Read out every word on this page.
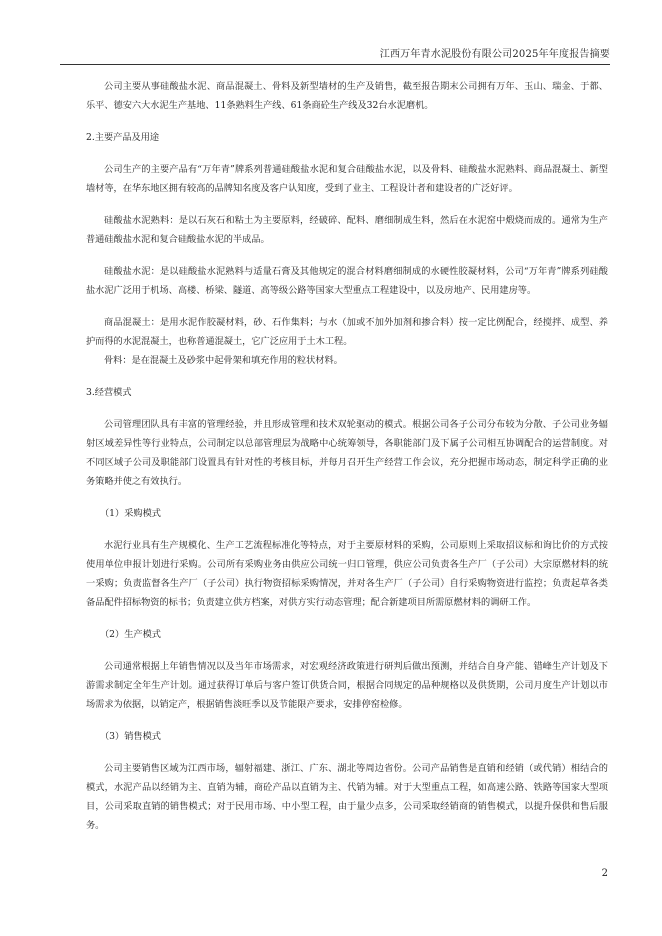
江西万年青水泥股份有限公司2025年年度报告摘要

公司主要从事硅酸盐水泥、商品混凝土、骨料及新型墙材的生产及销售，截至报告期末公司拥有万年、玉山、瑞金、于都、乐平、德安六大水泥生产基地、11条熟料生产线、61条商砼生产线及32台水泥磨机。

2.主要产品及用途

公司生产的主要产品有“万年青”牌系列普通硅酸盐水泥和复合硅酸盐水泥，以及骨料、硅酸盐水泥熟料、商品混凝土、新型墙材等，在华东地区拥有较高的品牌知名度及客户认知度，受到了业主、工程设计者和建设者的广泛好评。

硅酸盐水泥熟料：是以石灰石和粘土为主要原料，经破碎、配料、磨细制成生料，然后在水泥窑中煅烧而成的。通常为生产普通硅酸盐水泥和复合硅酸盐水泥的半成品。

硅酸盐水泥：是以硅酸盐水泥熟料与适量石膏及其他规定的混合材料磨细制成的水硬性胶凝材料，公司“万年青”牌系列硅酸盐水泥广泛用于机场、高楼、桥梁、隧道、高等级公路等国家大型重点工程建设中，以及房地产、民用建房等。

商品混凝土：是用水泥作胶凝材料，砂、石作集料；与水（加或不加外加剂和掺合料）按一定比例配合，经搅拌、成型、养护而得的水泥混凝土，也称普通混凝土，它广泛应用于土木工程。

骨料：是在混凝土及砂浆中起骨架和填充作用的粒状材料。

3.经营模式

公司管理团队具有丰富的管理经验，并且形成管理和技术双轮驱动的模式。根据公司各子公司分布较为分散、子公司业务辐射区域差异性等行业特点，公司制定以总部管理层为战略中心统筹领导，各职能部门及下属子公司相互协调配合的运营制度。对不同区域子公司及职能部门设置具有针对性的考核目标，并每月召开生产经营工作会议，充分把握市场动态，制定科学正确的业务策略并使之有效执行。

（1）采购模式

水泥行业具有生产规模化、生产工艺流程标准化等特点，对于主要原材料的采购，公司原则上采取招议标和询比价的方式按使用单位申报计划进行采购。公司所有采购业务由供应公司统一归口管理，供应公司负责各生产厂（子公司）大宗原燃材料的统一采购；负责监督各生产厂（子公司）执行物资招标采购情况，并对各生产厂（子公司）自行采购物资进行监控；负责起草各类备品配件招标物资的标书；负责建立供方档案，对供方实行动态管理；配合新建项目所需原燃材料的调研工作。

（2）生产模式

公司通常根据上年销售情况以及当年市场需求，对宏观经济政策进行研判后做出预测，并结合自身产能、错峰生产计划及下游需求制定全年生产计划。通过获得订单后与客户签订供货合同，根据合同规定的品种规格以及供货期，公司月度生产计划以市场需求为依据，以销定产，根据销售淡旺季以及节能限产要求，安排停窑检修。

（3）销售模式

公司主要销售区域为江西市场，辐射福建、浙江、广东、湖北等周边省份。公司产品销售是直销和经销（或代销）相结合的模式，水泥产品以经销为主、直销为辅，商砼产品以直销为主、代销为辅。对于大型重点工程，如高速公路、铁路等国家大型项目，公司采取直销的销售模式；对于民用市场、中小型工程，由于量少点多，公司采取经销商的销售模式，以提升保供和售后服务。

2
